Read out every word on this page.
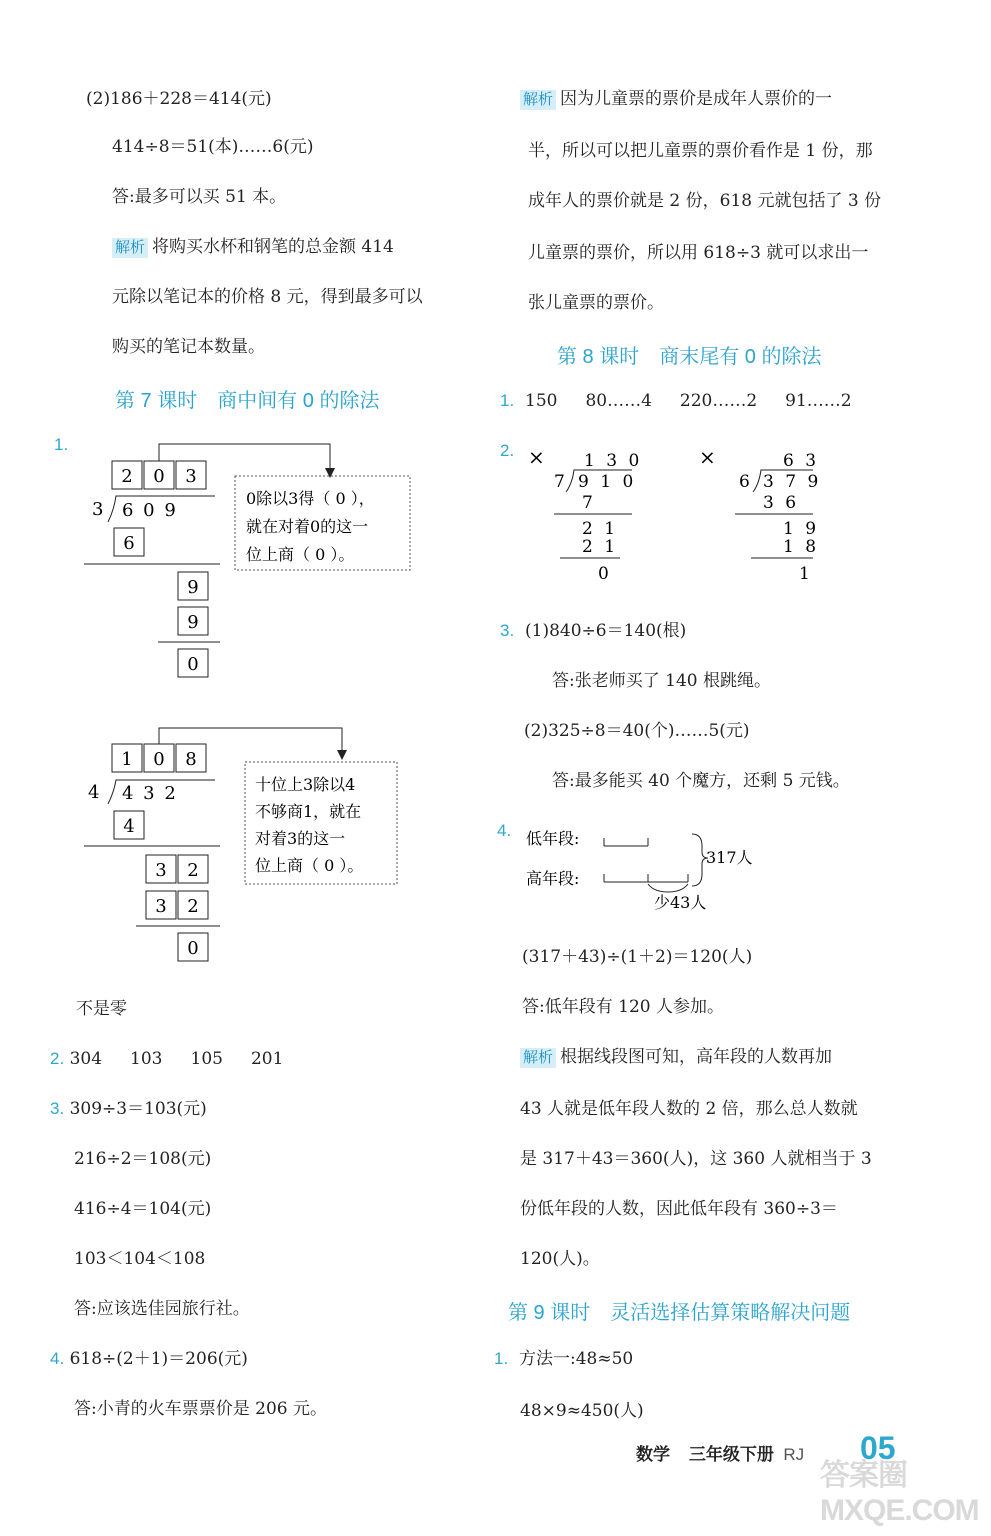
(2)186＋228＝414(元)
414÷8＝51(本)……6(元)
答:最多可以买 51 本。
解析 将购买水杯和钢笔的总金额 414
元除以笔记本的价格 8 元，得到最多可以
购买的笔记本数量。
第 7 课时　商中间有 0 的除法
1.
2 0 3
3 6 0 9
6
9
9
0
0除以3得（ 0 ），
就在对着0的这一
位上商（ 0 ）。
1 0 8
4 4 3 2
4
3 2
3 2
0
十位上3除以4
不够商1，就在
对着3的这一
位上商（ 0 ）。
不是零
2. 304 103 105 201
3. 309÷3＝103(元)
216÷2＝108(元)
416÷4＝104(元)
103＜104＜108
答:应该选佳园旅行社。
4. 618÷(2＋1)＝206(元)
答:小青的火车票票价是 206 元。
解析 因为儿童票的票价是成年人票价的一
半，所以可以把儿童票的票价看作是 1 份，那
成年人的票价就是 2 份，618 元就包括了 3 份
儿童票的票价，所以用 618÷3 就可以求出一
张儿童票的票价。
第 8 课时　商末尾有 0 的除法
1. 150 80……4 220……2 91……2
2. × 1 3 0
7 9 1 0
7
2 1
2 1
0
×	6 3
6 3 7 9
3 6
1 9
1 8
1
3. (1)840÷6＝140(根)
答:张老师买了 140 根跳绳。
(2)325÷8＝40(个)……5(元)
答:最多能买 40 个魔方，还剩 5 元钱。
4. 低年段:
高年段:
317人
少43人
(317＋43)÷(1＋2)＝120(人)
答:低年段有 120 人参加。
解析 根据线段图可知，高年段的人数再加
43 人就是低年段人数的 2 倍，那么总人数就
是 317＋43＝360(人)，这 360 人就相当于 3
份低年段的人数，因此低年段有 360÷3＝
120(人)。
第 9 课时　灵活选择估算策略解决问题
1. 方法一:48≈50
48×9≈450(人)
数学 三年级下册 RJ 05
答案圈 MXQE.COM
